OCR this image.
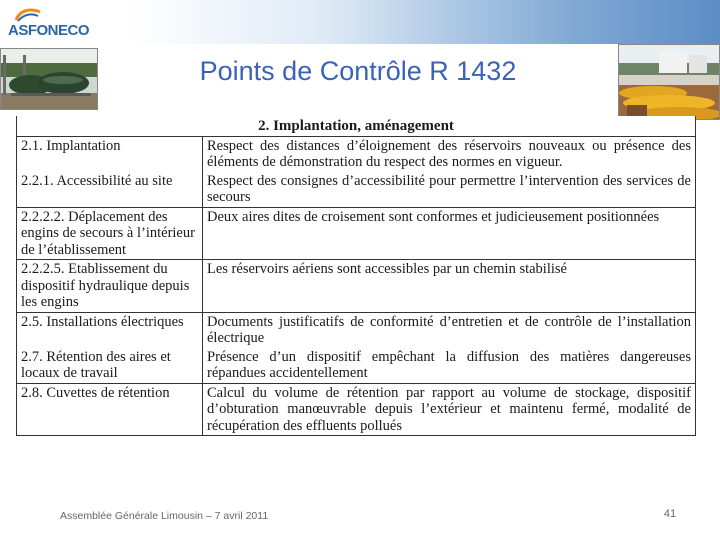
ASFONECO
Points de Contrôle R 1432
2. Implantation, aménagement	
2.1. Implantation	Respect des distances d’éloignement des réservoirs nouveaux ou présence des éléments de démonstration du respect des normes en vigueur.
2.2.1. Accessibilité au site	Respect des consignes d’accessibilité pour permettre l’intervention des services de secours
2.2.2.2. Déplacement des engins de secours à l’intérieur de l’établissement	Deux aires dites de croisement sont conformes et judicieusement positionnées
2.2.2.5. Etablissement du dispositif hydraulique depuis les engins	Les réservoirs aériens sont accessibles par un chemin stabilisé
2.5. Installations électriques	Documents justificatifs de conformité d’entretien et de contrôle de l’installation électrique
2.7. Rétention des aires et locaux de travail	Présence d’un dispositif empêchant la diffusion des matières dangereuses répandues accidentellement
2.8. Cuvettes de rétention	Calcul du volume de rétention par rapport au volume de stockage, dispositif d’obturation manœuvrable depuis l’extérieur et maintenu fermé, modalité de récupération des effluents pollués
Assemblée Générale Limousin – 7 avril 2011	41
